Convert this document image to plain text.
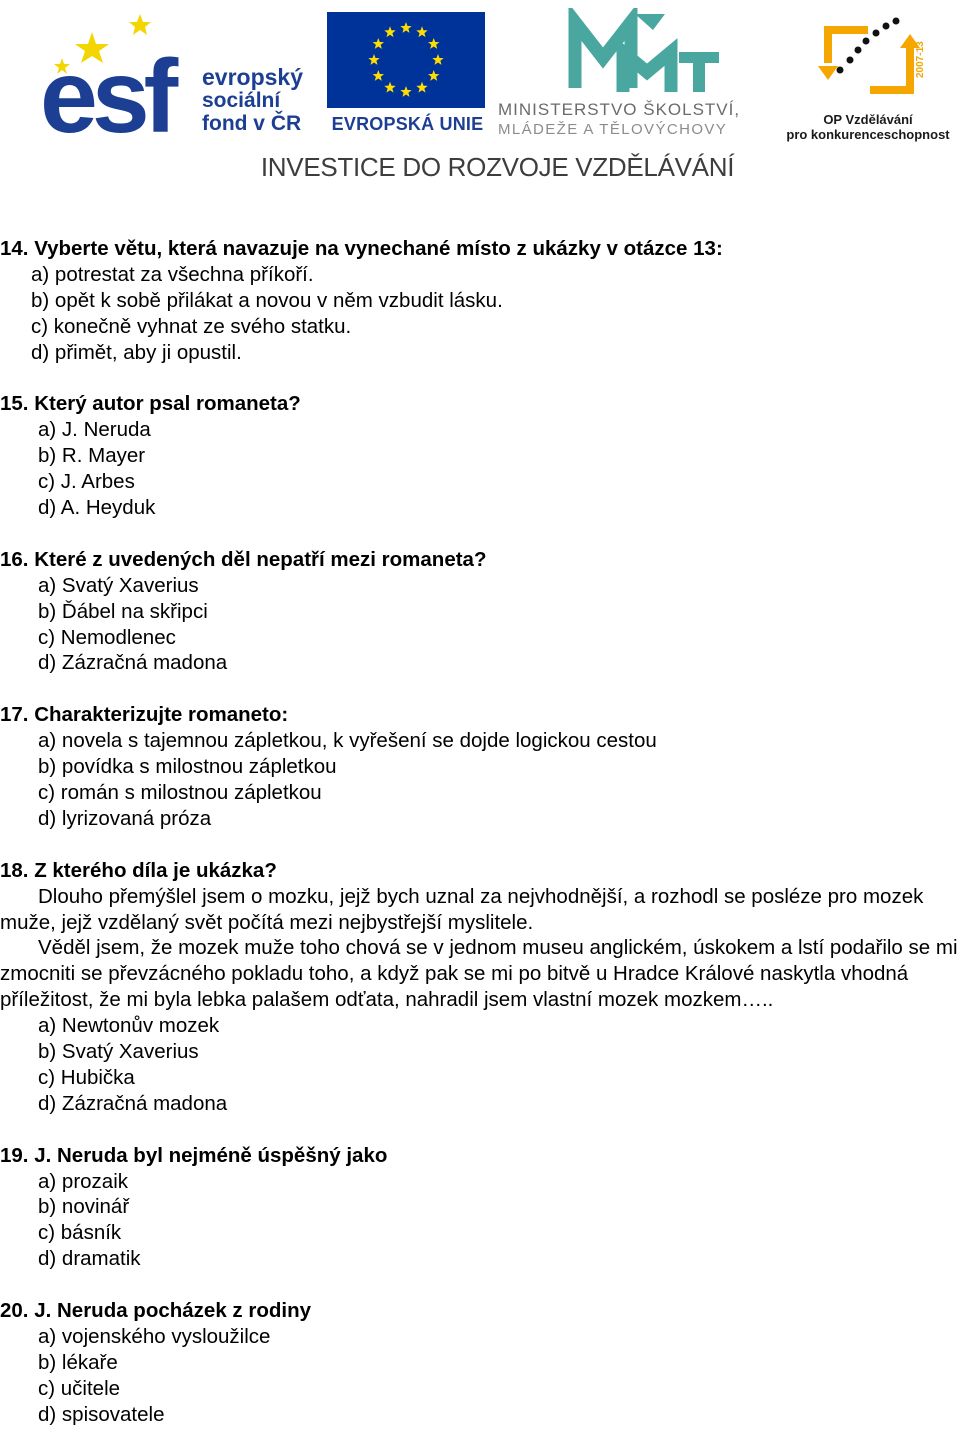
esf evropský
sociální
fond v ČR	EVROPSKÁ UNIE
MINISTERSTVO ŠKOLSTVÍ,
MLÁDEŽE A TĚLOVÝCHOVY
2007-13
OP Vzdělávání
pro konkurenceschopnost
INVESTICE DO ROZVOJE VZDĚLÁVÁNÍ
14. Vyberte větu, která navazuje na vynechané místo z ukázky v otázce 13:
a) potrestat za všechna příkoří.
b) opět k sobě přilákat a novou v něm vzbudit lásku.
c) konečně vyhnat ze svého statku.
d) přimět, aby ji opustil.
15. Který autor psal romaneta?
a) J. Neruda
b) R. Mayer
c) J. Arbes
d) A. Heyduk
16. Které z uvedených děl nepatří mezi romaneta?
a) Svatý Xaverius
b) Ďábel na skřipci
c) Nemodlenec
d) Zázračná madona
17. Charakterizujte romaneto:
a) novela s tajemnou zápletkou, k vyřešení se dojde logickou cestou
b) povídka s milostnou zápletkou
c) román s milostnou zápletkou
d) lyrizovaná próza
18. Z kterého díla je ukázka?

Dlouho přemýšlel jsem o mozku, jejž bych uznal za nejvhodnější, a rozhodl se posléze pro mozek muže, jejž vzdělaný svět počítá mezi nejbystřejší myslitele.

Věděl jsem, že mozek muže toho chová se v jednom museu anglickém, úskokem a lstí podařilo se mi zmocniti se převzácného pokladu toho, a když pak se mi po bitvě u Hradce Králové naskytla vhodná příležitost, že mi byla lebka palašem odťata, nahradil jsem vlastní mozek mozkem…..

a) Newtonův mozek
b) Svatý Xaverius
c) Hubička
d) Zázračná madona
19. J. Neruda byl nejméně úspěšný jako
a) prozaik
b) novinář
c) básník
d) dramatik
20. J. Neruda pocházek z rodiny
a) vojenského vysloužilce
b) lékaře
c) učitele
d) spisovatele
